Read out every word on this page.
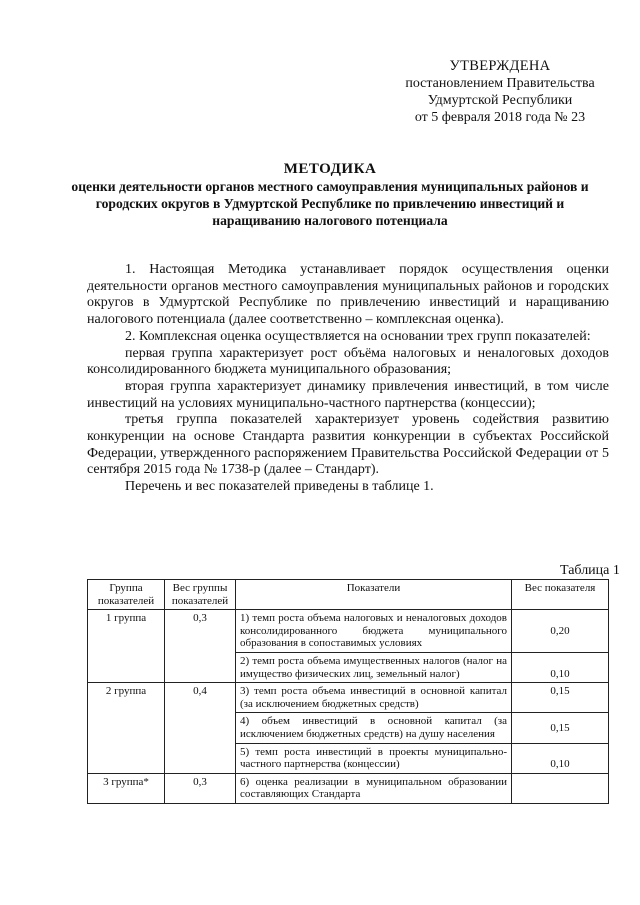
УТВЕРЖДЕНА
постановлением Правительства
Удмуртской Республики
от 5 февраля 2018 года № 23
МЕТОДИКА
оценки деятельности органов местного самоуправления муниципальных районов и городских округов в Удмуртской Республике по привлечению инвестиций и наращиванию налогового потенциала

1. Настоящая Методика устанавливает порядок осуществления оценки деятельности органов местного самоуправления муниципальных районов и городских округов в Удмуртской Республике по привлечению инвестиций и наращиванию налогового потенциала (далее соответственно – комплексная оценка).

2. Комплексная оценка осуществляется на основании трех групп показателей:

первая группа характеризует рост объёма налоговых и неналоговых доходов консолидированного бюджета муниципального образования;

вторая группа характеризует динамику привлечения инвестиций, в том числе инвестиций на условиях муниципально-частного партнерства (концессии);

третья группа показателей характеризует уровень содействия развитию конкуренции на основе Стандарта развития конкуренции в субъектах Российской Федерации, утвержденного распоряжением Правительства Российской Федерации от 5 сентября 2015 года № 1738-р (далее – Стандарт).

Перечень и вес показателей приведены в таблице 1.

Таблица 1
Группа показателей	Вес группы показателей	Показатели	Вес показателя
1 группа	0,3	1) темп роста объема налоговых и неналоговых доходов консолидированного бюджета муниципального образования в сопоставимых условиях	0,20
		2) темп роста объема имущественных налогов (налог на имущество физических лиц, земельный налог)	0,10
2 группа	0,4	3) темп роста объема инвестиций в основной капитал (за исключением бюджетных средств)	0,15
		4) объем инвестиций в основной капитал (за исключением бюджетных средств) на душу населения	0,15
		5) темп роста инвестиций в проекты муниципально-частного партнерства (концессии)	0,10
3 группа*	0,3	6) оценка реализации в муниципальном образовании составляющих Стандарта	
